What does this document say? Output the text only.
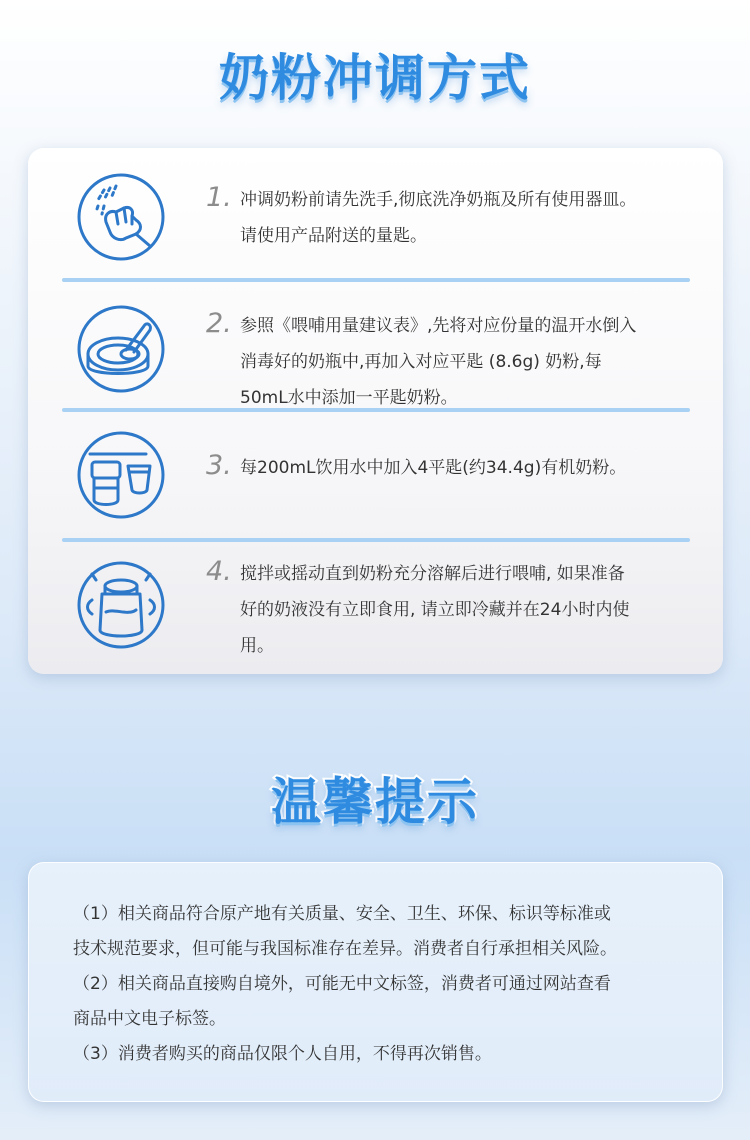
奶粉冲调方式
1. 冲调奶粉前请先洗手,彻底洗净奶瓶及所有使用器皿。
请使用产品附送的量匙。
2. 参照《喂哺用量建议表》,先将对应份量的温开水倒入
消毒好的奶瓶中,再加入对应平匙 (8.6g) 奶粉,每
50mL水中添加一平匙奶粉。
3. 每200mL饮用水中加入4平匙(约34.4g)有机奶粉。
4. 搅拌或摇动直到奶粉充分溶解后进行喂哺, 如果准备
好的奶液没有立即食用, 请立即冷藏并在24小时内使
用。
温馨提示
（1）相关商品符合原产地有关质量、安全、卫生、环保、标识等标准或
技术规范要求，但可能与我国标准存在差异。消费者自行承担相关风险。
（2）相关商品直接购自境外，可能无中文标签，消费者可通过网站查看
商品中文电子标签。
（3）消费者购买的商品仅限个人自用，不得再次销售。
